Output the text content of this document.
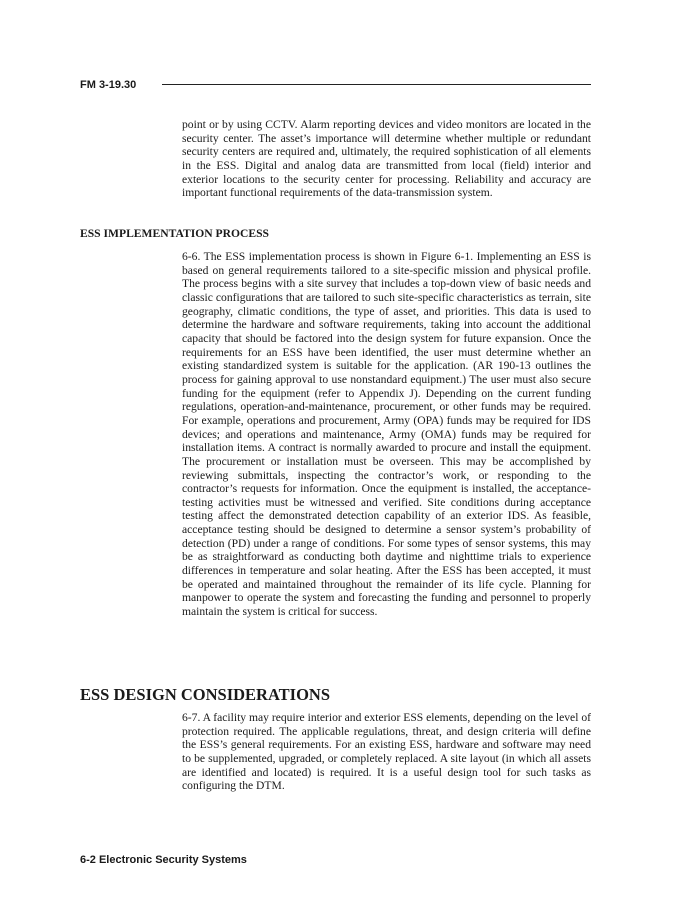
FM 3-19.30

point or by using CCTV. Alarm reporting devices and video monitors are located in the security center. The asset’s importance will determine whether multiple or redundant security centers are required and, ultimately, the required sophistication of all elements in the ESS. Digital and analog data are transmitted from local (field) interior and exterior locations to the security center for processing. Reliability and accuracy are important functional requirements of the data-transmission system.

ESS IMPLEMENTATION PROCESS

6-6. The ESS implementation process is shown in Figure 6-1. Implementing an ESS is based on general requirements tailored to a site-specific mission and physical profile. The process begins with a site survey that includes a top-down view of basic needs and classic configurations that are tailored to such site-specific characteristics as terrain, site geography, climatic conditions, the type of asset, and priorities. This data is used to determine the hardware and software requirements, taking into account the additional capacity that should be factored into the design system for future expansion. Once the requirements for an ESS have been identified, the user must determine whether an existing standardized system is suitable for the application. (AR 190-13 outlines the process for gaining approval to use nonstandard equipment.) The user must also secure funding for the equipment (refer to Appendix J). Depending on the current funding regulations, operation-and-maintenance, procurement, or other funds may be required. For example, operations and procurement, Army (OPA) funds may be required for IDS devices; and operations and maintenance, Army (OMA) funds may be required for installation items. A contract is normally awarded to procure and install the equipment. The procurement or installation must be overseen. This may be accomplished by reviewing submittals, inspecting the contractor’s work, or responding to the contractor’s requests for information. Once the equipment is installed, the acceptance-testing activities must be witnessed and verified. Site conditions during acceptance testing affect the demonstrated detection capability of an exterior IDS. As feasible, acceptance testing should be designed to determine a sensor system’s probability of detection (PD) under a range of conditions. For some types of sensor systems, this may be as straightforward as conducting both daytime and nighttime trials to experience differences in temperature and solar heating. After the ESS has been accepted, it must be operated and maintained throughout the remainder of its life cycle. Planning for manpower to operate the system and forecasting the funding and personnel to properly maintain the system is critical for success.

ESS DESIGN CONSIDERATIONS

6-7. A facility may require interior and exterior ESS elements, depending on the level of protection required. The applicable regulations, threat, and design criteria will define the ESS’s general requirements. For an existing ESS, hardware and software may need to be supplemented, upgraded, or completely replaced. A site layout (in which all assets are identified and located) is required. It is a useful design tool for such tasks as configuring the DTM.

6-2 Electronic Security Systems
